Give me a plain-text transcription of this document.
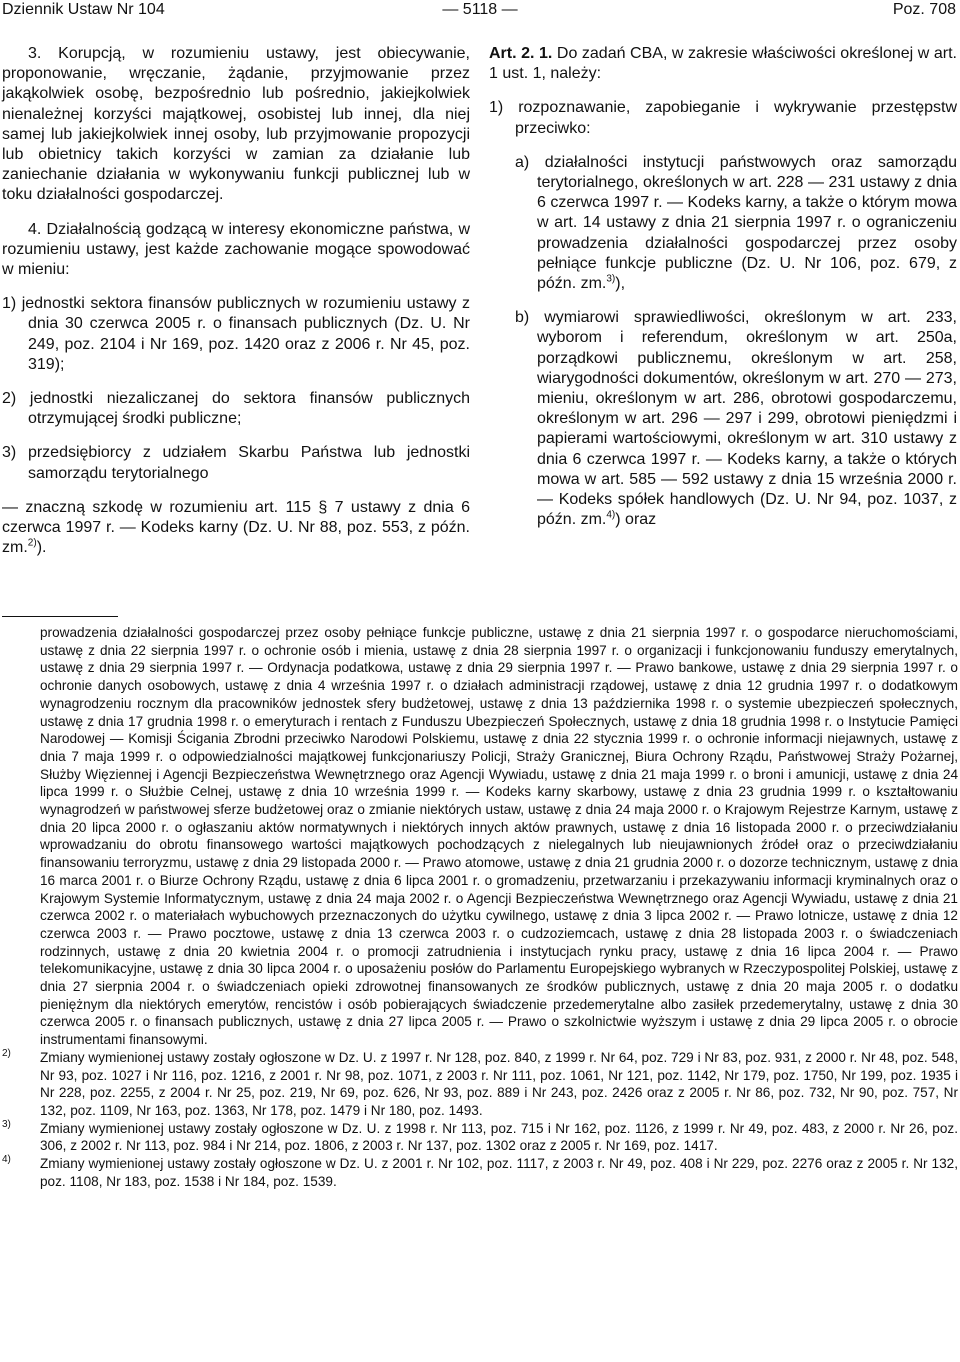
Dziennik Ustaw Nr 104	— 5118 —	Poz. 708

3. Korupcją, w rozumieniu ustawy, jest obiecywanie, proponowanie, wręczanie, żądanie, przyjmowanie przez jakąkolwiek osobę, bezpośrednio lub pośrednio, jakiejkolwiek nienależnej korzyści majątkowej, osobistej lub innej, dla niej samej lub jakiejkolwiek innej osoby, lub przyjmowanie propozycji lub obietnicy takich korzyści w zamian za działanie lub zaniechanie działania w wykonywaniu funkcji publicznej lub w toku działalności gospodarczej.

4. Działalnością godzącą w interesy ekonomiczne państwa, w rozumieniu ustawy, jest każde zachowanie mogące spowodować w mieniu:

1) jednostki sektora finansów publicznych w rozumieniu ustawy z dnia 30 czerwca 2005 r. o finansach publicznych (Dz. U. Nr 249, poz. 2104 i Nr 169, poz. 1420 oraz z 2006 r. Nr 45, poz. 319);

2) jednostki niezaliczanej do sektora finansów publicznych otrzymującej środki publiczne;

3) przedsiębiorcy z udziałem Skarbu Państwa lub jednostki samorządu terytorialnego

— znaczną szkodę w rozumieniu art. 115 § 7 ustawy z dnia 6 czerwca 1997 r. — Kodeks karny (Dz. U. Nr 88, poz. 553, z późn. zm.$^{2)}$).

Art. 2. 1. Do zadań CBA, w zakresie właściwości określonej w art. 1 ust. 1, należy:

1) rozpoznawanie, zapobieganie i wykrywanie przestępstw przeciwko:

a) działalności instytucji państwowych oraz samorządu terytorialnego, określonych w art. 228 — 231 ustawy z dnia 6 czerwca 1997 r. — Kodeks karny, a także o którym mowa w art. 14 ustawy z dnia 21 sierpnia 1997 r. o ograniczeniu prowadzenia działalności gospodarczej przez osoby pełniące funkcje publiczne (Dz. U. Nr 106, poz. 679, z późn. zm.$^{3)}$),

b) wymiarowi sprawiedliwości, określonym w art. 233, wyborom i referendum, określonym w art. 250a, porządkowi publicznemu, określonym w art. 258, wiarygodności dokumentów, określonym w art. 270 — 273, mieniu, określonym w art. 286, obrotowi gospodarczemu, określonym w art. 296 — 297 i 299, obrotowi pieniędzmi i papierami wartościowymi, określonym w art. 310 ustawy z dnia 6 czerwca 1997 r. — Kodeks karny, a także o których mowa w art. 585 — 592 ustawy z dnia 15 września 2000 r. — Kodeks spółek handlowych (Dz. U. Nr 94, poz. 1037, z późn. zm.$^{4)}$) oraz

prowadzenia działalności gospodarczej przez osoby pełniące funkcje publiczne, ustawę z dnia 21 sierpnia 1997 r. o gospodarce nieruchomościami, ustawę z dnia 22 sierpnia 1997 r. o ochronie osób i mienia, ustawę z dnia 28 sierpnia 1997 r. o organizacji i funkcjonowaniu funduszy emerytalnych, ustawę z dnia 29 sierpnia 1997 r. — Ordynacja podatkowa, ustawę z dnia 29 sierpnia 1997 r. — Prawo bankowe, ustawę z dnia 29 sierpnia 1997 r. o ochronie danych osobowych, ustawę z dnia 4 września 1997 r. o działach administracji rządowej, ustawę z dnia 12 grudnia 1997 r. o dodatkowym wynagrodzeniu rocznym dla pracowników jednostek sfery budżetowej, ustawę z dnia 13 października 1998 r. o systemie ubezpieczeń społecznych, ustawę z dnia 17 grudnia 1998 r. o emeryturach i rentach z Funduszu Ubezpieczeń Społecznych, ustawę z dnia 18 grudnia 1998 r. o Instytucie Pamięci Narodowej — Komisji Ścigania Zbrodni przeciwko Narodowi Polskiemu, ustawę z dnia 22 stycznia 1999 r. o ochronie informacji niejawnych, ustawę z dnia 7 maja 1999 r. o odpowiedzialności majątkowej funkcjonariuszy Policji, Straży Granicznej, Biura Ochrony Rządu, Państwowej Straży Pożarnej, Służby Więziennej i Agencji Bezpieczeństwa Wewnętrznego oraz Agencji Wywiadu, ustawę z dnia 21 maja 1999 r. o broni i amunicji, ustawę z dnia 24 lipca 1999 r. o Służbie Celnej, ustawę z dnia 10 września 1999 r. — Kodeks karny skarbowy, ustawę z dnia 23 grudnia 1999 r. o kształtowaniu wynagrodzeń w państwowej sferze budżetowej oraz o zmianie niektórych ustaw, ustawę z dnia 24 maja 2000 r. o Krajowym Rejestrze Karnym, ustawę z dnia 20 lipca 2000 r. o ogłaszaniu aktów normatywnych i niektórych innych aktów prawnych, ustawę z dnia 16 listopada 2000 r. o przeciwdziałaniu wprowadzaniu do obrotu finansowego wartości majątkowych pochodzących z nielegalnych lub nieujawnionych źródeł oraz o przeciwdziałaniu finansowaniu terroryzmu, ustawę z dnia 29 listopada 2000 r. — Prawo atomowe, ustawę z dnia 21 grudnia 2000 r. o dozorze technicznym, ustawę z dnia 16 marca 2001 r. o Biurze Ochrony Rządu, ustawę z dnia 6 lipca 2001 r. o gromadzeniu, przetwarzaniu i przekazywaniu informacji kryminalnych oraz o Krajowym Systemie Informatycznym, ustawę z dnia 24 maja 2002 r. o Agencji Bezpieczeństwa Wewnętrznego oraz Agencji Wywiadu, ustawę z dnia 21 czerwca 2002 r. o materiałach wybuchowych przeznaczonych do użytku cywilnego, ustawę z dnia 3 lipca 2002 r. — Prawo lotnicze, ustawę z dnia 12 czerwca 2003 r. — Prawo pocztowe, ustawę z dnia 13 czerwca 2003 r. o cudzoziemcach, ustawę z dnia 28 listopada 2003 r. o świadczeniach rodzinnych, ustawę z dnia 20 kwietnia 2004 r. o promocji zatrudnienia i instytucjach rynku pracy, ustawę z dnia 16 lipca 2004 r. — Prawo telekomunikacyjne, ustawę z dnia 30 lipca 2004 r. o uposażeniu posłów do Parlamentu Europejskiego wybranych w Rzeczypospolitej Polskiej, ustawę z dnia 27 sierpnia 2004 r. o świadczeniach opieki zdrowotnej finansowanych ze środków publicznych, ustawę z dnia 20 maja 2005 r. o dodatku pieniężnym dla niektórych emerytów, rencistów i osób pobierających świadczenie przedemerytalne albo zasiłek przedemerytalny, ustawę z dnia 30 czerwca 2005 r. o finansach publicznych, ustawę z dnia 27 lipca 2005 r. — Prawo o szkolnictwie wyższym i ustawę z dnia 29 lipca 2005 r. o obrocie instrumentami finansowymi.

2) Zmiany wymienionej ustawy zostały ogłoszone w Dz. U. z 1997 r. Nr 128, poz. 840, z 1999 r. Nr 64, poz. 729 i Nr 83, poz. 931, z 2000 r. Nr 48, poz. 548, Nr 93, poz. 1027 i Nr 116, poz. 1216, z 2001 r. Nr 98, poz. 1071, z 2003 r. Nr 111, poz. 1061, Nr 121, poz. 1142, Nr 179, poz. 1750, Nr 199, poz. 1935 i Nr 228, poz. 2255, z 2004 r. Nr 25, poz. 219, Nr 69, poz. 626, Nr 93, poz. 889 i Nr 243, poz. 2426 oraz z 2005 r. Nr 86, poz. 732, Nr 90, poz. 757, Nr 132, poz. 1109, Nr 163, poz. 1363, Nr 178, poz. 1479 i Nr 180, poz. 1493.

3) Zmiany wymienionej ustawy zostały ogłoszone w Dz. U. z 1998 r. Nr 113, poz. 715 i Nr 162, poz. 1126, z 1999 r. Nr 49, poz. 483, z 2000 r. Nr 26, poz. 306, z 2002 r. Nr 113, poz. 984 i Nr 214, poz. 1806, z 2003 r. Nr 137, poz. 1302 oraz z 2005 r. Nr 169, poz. 1417.

4) Zmiany wymienionej ustawy zostały ogłoszone w Dz. U. z 2001 r. Nr 102, poz. 1117, z 2003 r. Nr 49, poz. 408 i Nr 229, poz. 2276 oraz z 2005 r. Nr 132, poz. 1108, Nr 183, poz. 1538 i Nr 184, poz. 1539.
